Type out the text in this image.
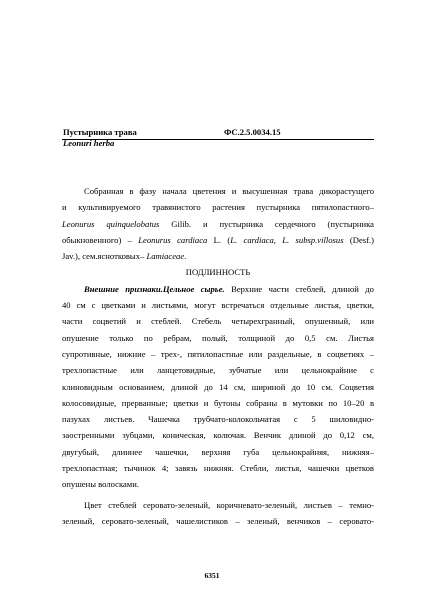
Пустырника трава	ФС.2.5.0034.15
Leonuri herba
Собранная в фазу начала цветения и высушенная трава дикорастущего
и культивируемого травянистого растения пустырника пятилопастного–
Leonurus quinquelobatus Gilib. и пустырника сердечного (пустырника
обыкновенного) – Leonurus cardiaca L. (L. cardiaca, L. subsp.villosus (Desf.)
Jav.), сем.яснотковых– Lamiaceae.
ПОДЛИННОСТЬ
Внешние признаки.Цельное сырье. Верхние части стеблей, длиной до
40 см с цветками и листьями, могут встречаться отдельные листья, цветки,
части соцветий и стеблей. Стебель четырехгранный, опушенный, или
опушение только по ребрам, полый, толщиной до 0,5 см. Листья
супротивные, нижние – трех-, пятилопастные или раздельные, в соцветиях –
трехлопастные или ланцетовидные, зубчатые или цельнокрайние с
клиновидным основанием, длиной до 14 см, шириной до 10 см. Соцветия
колосовидные, прерванные; цветки и бутоны собраны в мутовки по 10–20 в
пазухах листьев. Чашечка трубчато-колокольчатая с 5 шиловидно-
заостренными зубцами, коническая, колючая. Венчик длиной до 0,12 см,
двугубый, длиннее чашечки, верхняя губа цельнокрайняя, нижняя–
трехлопастная; тычинок 4; завязь нижняя. Стебли, листья, чашечки цветков
опушены волосками.
Цвет стеблей серовато-зеленый, коричневато-зеленый, листьев – темно-
зеленый, серовато-зеленый, чашелистиков – зеленый, венчиков – серовато-
6351
